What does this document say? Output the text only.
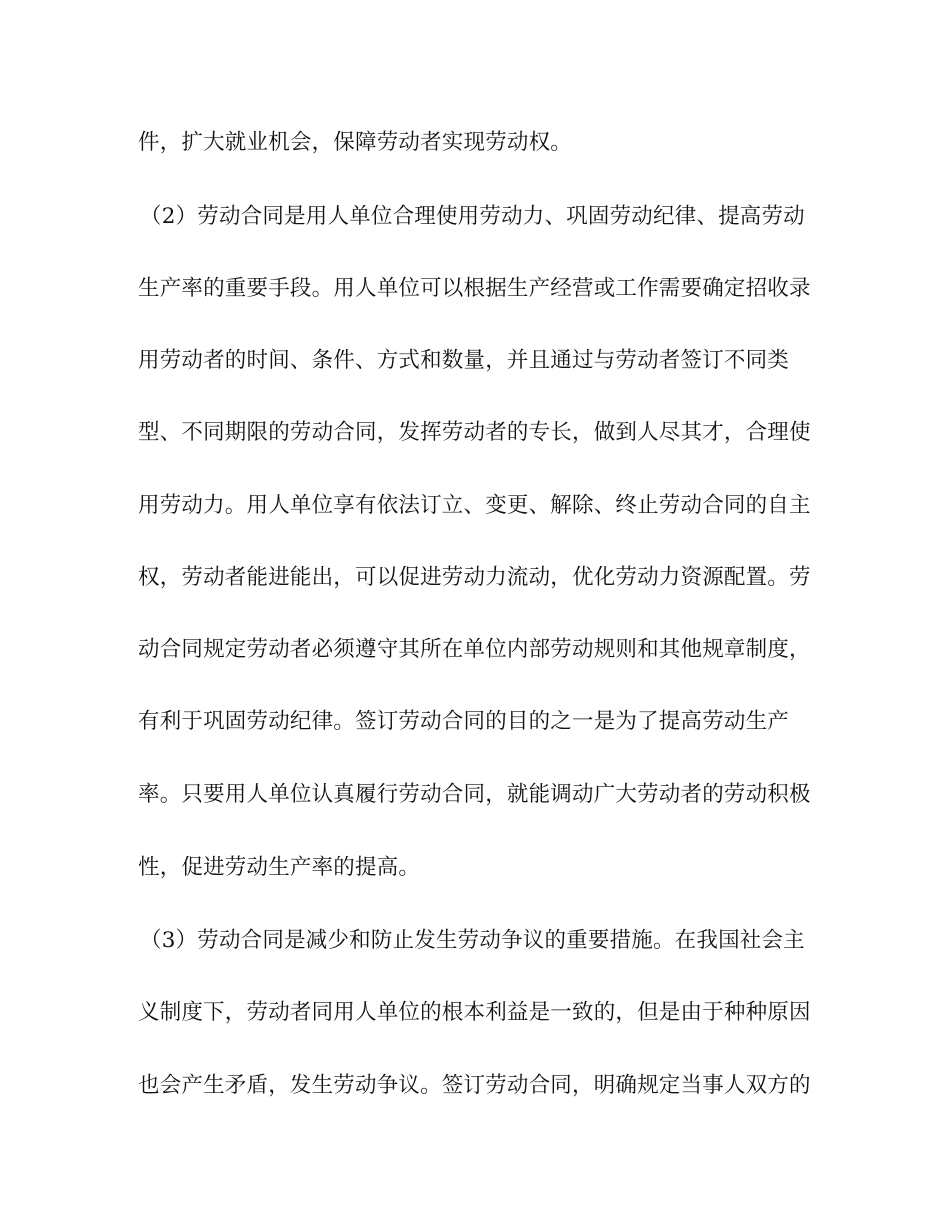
件，扩大就业机会，保障劳动者实现劳动权。
（2）劳动合同是用人单位合理使用劳动力、巩固劳动纪律、提高劳动
生产率的重要手段。用人单位可以根据生产经营或工作需要确定招收录
用劳动者的时间、条件、方式和数量，并且通过与劳动者签订不同类
型、不同期限的劳动合同，发挥劳动者的专长，做到人尽其才，合理使
用劳动力。用人单位享有依法订立、变更、解除、终止劳动合同的自主
权，劳动者能进能出，可以促进劳动力流动，优化劳动力资源配置。劳
动合同规定劳动者必须遵守其所在单位内部劳动规则和其他规章制度，
有利于巩固劳动纪律。签订劳动合同的目的之一是为了提高劳动生产
率。只要用人单位认真履行劳动合同，就能调动广大劳动者的劳动积极
性，促进劳动生产率的提高。
（3）劳动合同是减少和防止发生劳动争议的重要措施。在我国社会主
义制度下，劳动者同用人单位的根本利益是一致的，但是由于种种原因
也会产生矛盾，发生劳动争议。签订劳动合同，明确规定当事人双方的
